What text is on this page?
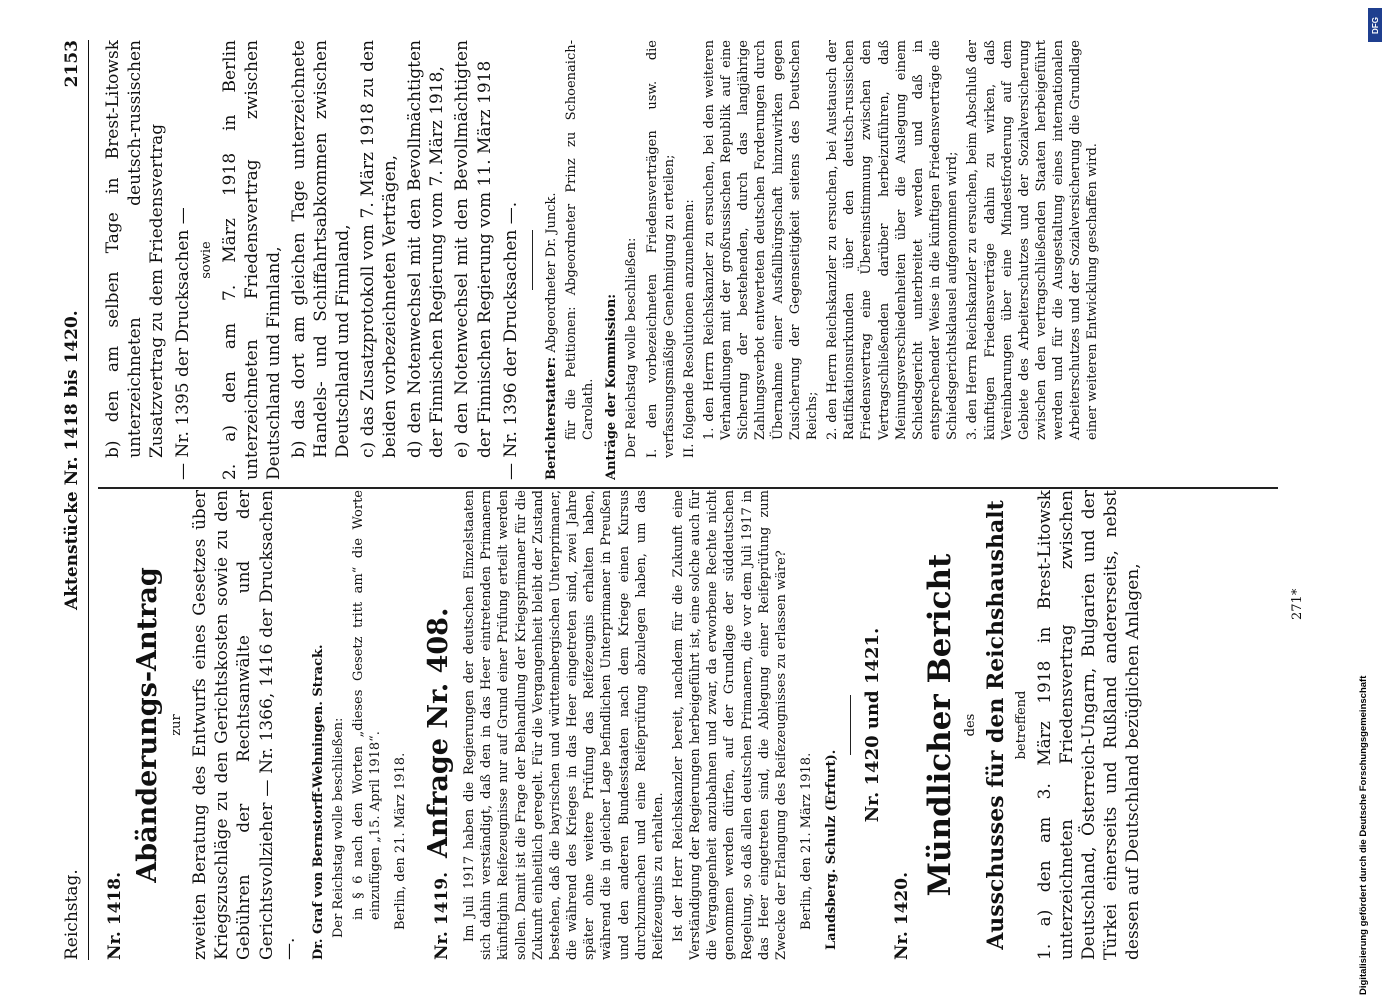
Reichstag.
Aktenstücke Nr. 1418 bis 1420.
2153
Nr. 1418.
Abänderungs-Antrag zur zweiten Beratung des Entwurfs eines Gesetzes über Kriegszuschläge zu den Gerichtskosten sowie zu den Gebühren der Rechtsanwälte und der Gerichtsvollzieher — Nr. 1366, 1416 der Drucksachen —. Dr. Graf von Bernstorff-Wehningen. Strack. Der Reichstag wolle beschließen: in § 6 nach den Worten „dieses Gesetz tritt am“ die Worte einzufügen „15. April 1918“. Berlin, den 21. März 1918. Nr. 1419.
Anfrage Nr. 408. Im Juli 1917 haben die Regierungen der deutschen Einzelstaaten sich dahin verständigt, daß den in das Heer eintretenden Primanern künftighin Reifezeugnisse nur auf Grund einer Prüfung erteilt werden sollen. Damit ist die Frage der Behandlung der Kriegsprimaner für die Zukunft einheitlich geregelt. Für die Vergangenheit bleibt der Zustand bestehen, daß die bayrischen und württembergischen Unterprimaner, die während des Krieges in das Heer eingetreten sind, zwei Jahre später ohne weitere Prüfung das Reifezeugnis erhalten haben, während die in gleicher Lage befindlichen Unterprimaner in Preußen und den anderen Bundesstaaten nach dem Kriege einen Kursus durchzumachen und eine Reifeprüfung abzulegen haben, um das Reifezeugnis zu erhalten. Ist der Herr Reichskanzler bereit, nachdem für die Zukunft eine Verständigung der Regierungen herbeigeführt ist, eine solche auch für die Vergangenheit anzubahnen und zwar, da erworbene Rechte nicht genommen werden dürfen, auf der Grundlage der süddeutschen Regelung, so daß allen deutschen Primanern, die vor dem Juli 1917 in das Heer eingetreten sind, die Ablegung einer Reifeprüfung zum Zwecke der Erlangung des Reifezeugnisses zu erlassen wäre? Berlin, den 21. März 1918. Landsberg. Schulz (Erfurt).
Nr. 1420 und 1421.
Nr. 1420.
Mündlicher Bericht des Ausschusses für den Reichshaushalt betreffend 1. a) den am 3. März 1918 in Brest-Litowsk unterzeichneten Friedensvertrag zwischen Deutschland, Österreich-Ungarn, Bulgarien und der Türkei einerseits und Rußland andererseits, nebst dessen auf Deutschland bezüglichen Anlagen,
b) den am selben Tage in Brest-Litowsk unterzeichneten deutsch-russischen Zusatzvertrag zu dem Friedensvertrag — Nr. 1395 der Drucksachen — sowie 2. a) den am 7. März 1918 in Berlin unterzeichneten Friedensvertrag zwischen Deutschland und Finnland, b) das dort am gleichen Tage unterzeichnete Handels- und Schiffahrtsabkommen zwischen Deutschland und Finnland, c) das Zusatzprotokoll vom 7. März 1918 zu den beiden vorbezeichneten Verträgen, d) den Notenwechsel mit den Bevollmächtigten der Finnischen Regierung vom 7. März 1918, e) den Notenwechsel mit den Bevollmächtigten der Finnischen Regierung vom 11. März 1918 — Nr. 1396 der Drucksachen —. Berichterstatter: Abgeordneter Dr. Junck. für die Petitionen: Abgeordneter Prinz zu Schoenaich-Carolath. Anträge der Kommission: Der Reichstag wolle beschließen: I. den vorbezeichneten Friedensverträgen usw. die verfassungsmäßige Genehmigung zu erteilen; II. folgende Resolutionen anzunehmen: 1. den Herrn Reichskanzler zu ersuchen, bei den weiteren Verhandlungen mit der großrussischen Republik auf eine Sicherung der bestehenden, durch das langjährige Zahlungsverbot entwerteten deutschen Forderungen durch Übernahme einer Ausfallbürgschaft hinzuwirken gegen Zusicherung der Gegenseitigkeit seitens des Deutschen Reichs; 2. den Herrn Reichskanzler zu ersuchen, bei Austausch der Ratifikationsurkunden über den deutsch-russischen Friedensvertrag eine Übereinstimmung zwischen den Vertragschließenden darüber herbeizuführen, daß Meinungsverschiedenheiten über die Auslegung einem Schiedsgericht unterbreitet werden und daß in entsprechender Weise in die künftigen Friedensverträge die Schiedsgerichtsklausel aufgenommen wird; 3. den Herrn Reichskanzler zu ersuchen, beim Abschluß der künftigen Friedensverträge dahin zu wirken, daß Vereinbarungen über eine Mindestforderung auf dem Gebiete des Arbeiterschutzes und der Sozialversicherung zwischen den vertragschließenden Staaten herbeigeführt werden und für die Ausgestaltung eines internationalen Arbeiterschutzes und der Sozialversicherung die Grundlage einer weiteren Entwicklung geschaffen wird.
271*
Digitalisierung gefördert durch die Deutsche Forschungsgemeinschaft
DFG
